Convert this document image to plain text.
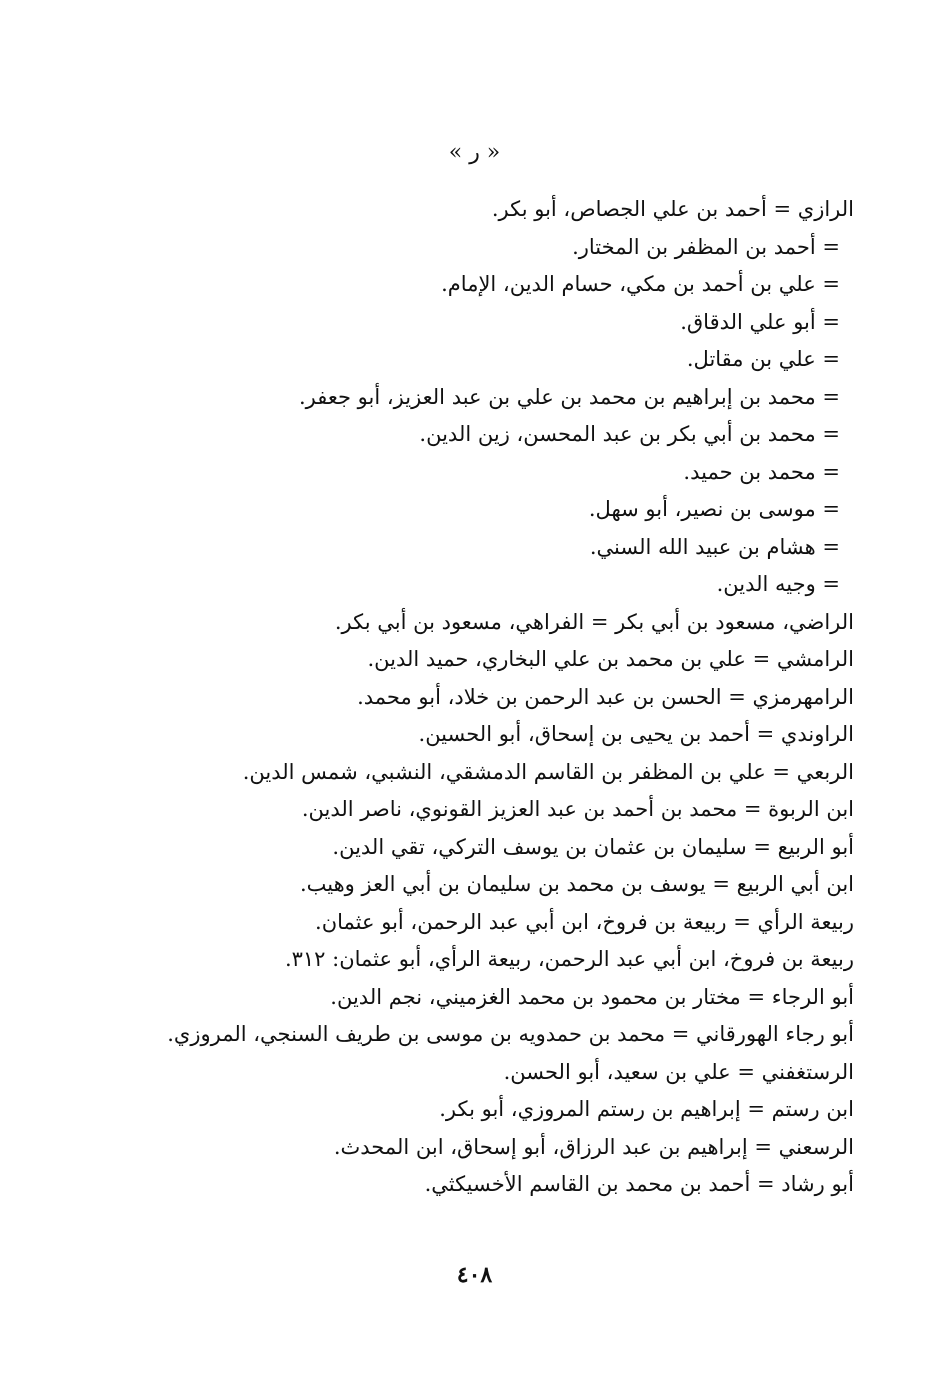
« ر »
الرازي = أحمد بن علي الجصاص، أبو بكر.
= أحمد بن المظفر بن المختار.
= علي بن أحمد بن مكي، حسام الدين، الإمام.
= أبو علي الدقاق.
= علي بن مقاتل.
= محمد بن إبراهيم بن محمد بن علي بن عبد العزيز، أبو جعفر.
= محمد بن أبي بكر بن عبد المحسن، زين الدين.
= محمد بن حميد.
= موسى بن نصير، أبو سهل.
= هشام بن عبيد الله السني.
= وجيه الدين.
الراضي، مسعود بن أبي بكر = الفراهي، مسعود بن أبي بكر.
الرامشي = علي بن محمد بن علي البخاري، حميد الدين.
الرامهرمزي = الحسن بن عبد الرحمن بن خلاد، أبو محمد.
الراوندي = أحمد بن يحيى بن إسحاق، أبو الحسين.
الربعي = علي بن المظفر بن القاسم الدمشقي، النشبي، شمس الدين.
ابن الربوة = محمد بن أحمد بن عبد العزيز القونوي، ناصر الدين.
أبو الربيع = سليمان بن عثمان بن يوسف التركي، تقي الدين.
ابن أبي الربيع = يوسف بن محمد بن سليمان بن أبي العز وهيب.
ربيعة الرأي = ربيعة بن فروخ، ابن أبي عبد الرحمن، أبو عثمان.
ربيعة بن فروخ، ابن أبي عبد الرحمن، ربيعة الرأي، أبو عثمان: ٣١٢.
أبو الرجاء = مختار بن محمود بن محمد الغزميني، نجم الدين.
أبو رجاء الهورقاني = محمد بن حمدويه بن موسى بن طريف السنجي، المروزي.
الرستغفني = علي بن سعيد، أبو الحسن.
ابن رستم = إبراهيم بن رستم المروزي، أبو بكر.
الرسعني = إبراهيم بن عبد الرزاق، أبو إسحاق، ابن المحدث.
أبو رشاد = أحمد بن محمد بن القاسم الأخسيكثي.
٤٠٨
